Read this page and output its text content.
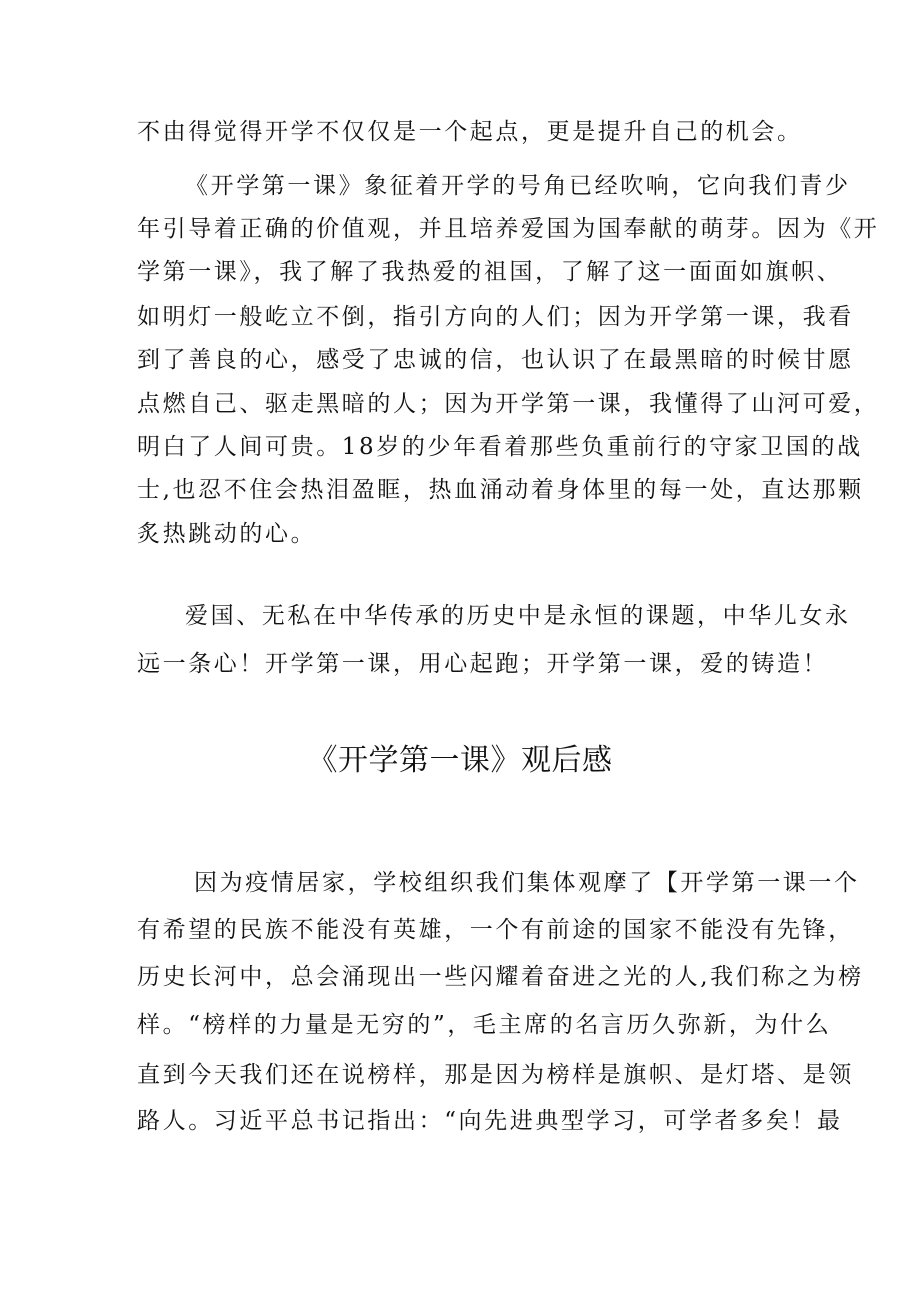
不由得觉得开学不仅仅是一个起点，更是提升自己的机会。
《开学第一课》象征着开学的号角已经吹响，它向我们青少
年引导着正确的价值观，并且培养爱国为国奉献的萌芽。因为《开
学第一课》，我了解了我热爱的祖国，了解了这一面面如旗帜、
如明灯一般屹立不倒，指引方向的人们；因为开学第一课，我看
到了善良的心，感受了忠诚的信，也认识了在最黑暗的时候甘愿
点燃自己、驱走黑暗的人；因为开学第一课，我懂得了山河可爱，
明白了人间可贵。18岁的少年看着那些负重前行的守家卫国的战
士,也忍不住会热泪盈眶，热血涌动着身体里的每一处，直达那颗
炙热跳动的心。
爱国、无私在中华传承的历史中是永恒的课题，中华儿女永
远一条心！开学第一课，用心起跑；开学第一课，爱的铸造！
《开学第一课》观后感
因为疫情居家，学校组织我们集体观摩了【开学第一课一个
有希望的民族不能没有英雄，一个有前途的国家不能没有先锋，
历史长河中，总会涌现出一些闪耀着奋进之光的人,我们称之为榜
样。“榜样的力量是无穷的”，毛主席的名言历久弥新，为什么
直到今天我们还在说榜样，那是因为榜样是旗帜、是灯塔、是领
路人。习近平总书记指出：“向先进典型学习，可学者多矣！最
